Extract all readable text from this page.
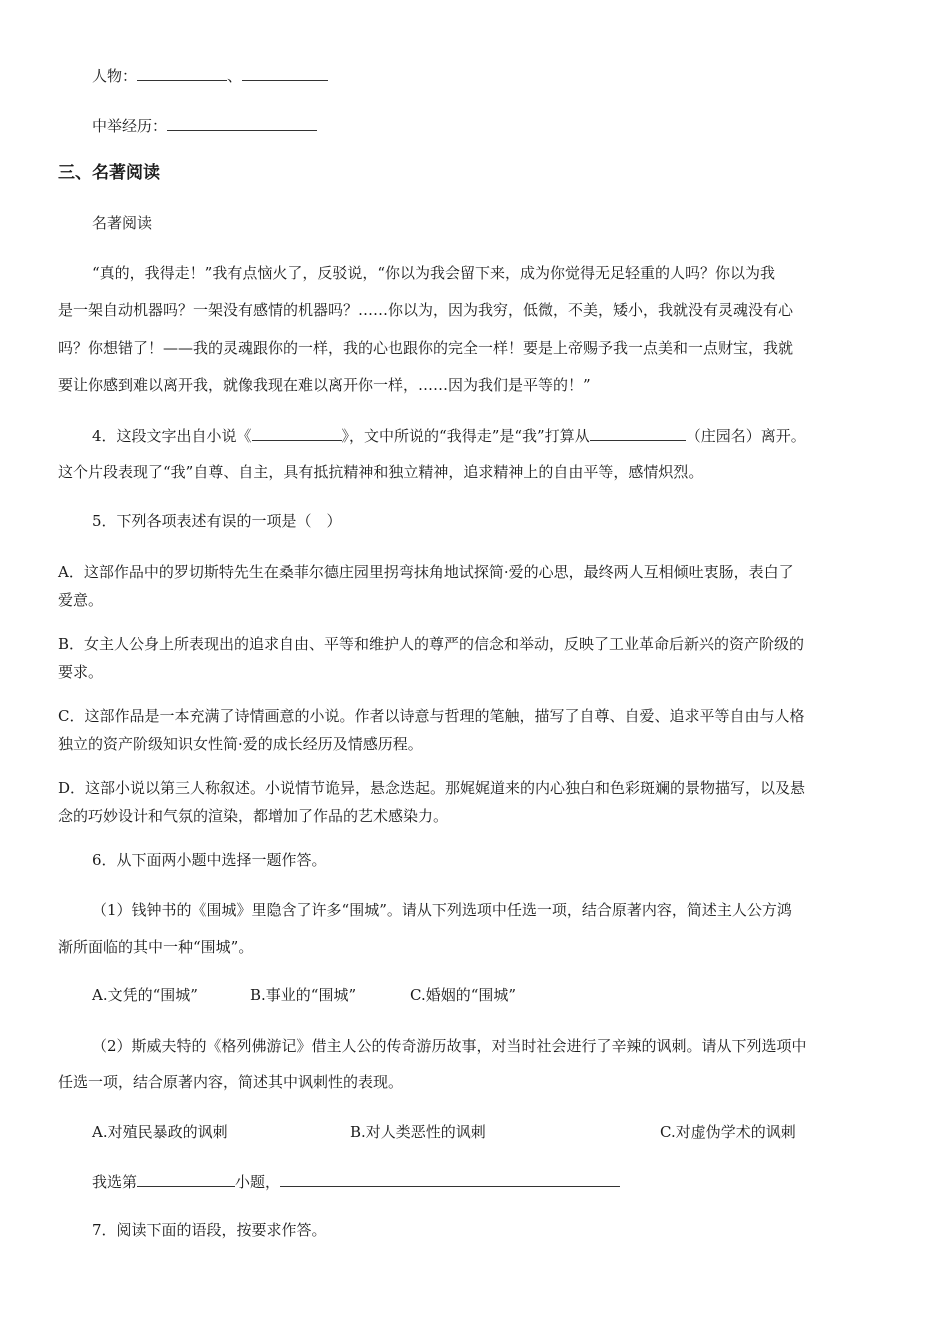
人物：	、
中举经历：
三、名著阅读
名著阅读
“真的，我得走！”我有点恼火了，反驳说，“你以为我会留下来，成为你觉得无足轻重的人吗？你以为我
是一架自动机器吗？一架没有感情的机器吗？……你以为，因为我穷，低微，不美，矮小，我就没有灵魂没有心
吗？你想错了！——我的灵魂跟你的一样，我的心也跟你的完全一样！要是上帝赐予我一点美和一点财宝，我就
要让你感到难以离开我，就像我现在难以离开你一样，……因为我们是平等的！”
4．这段文字出自小说《	》，文中所说的“我得走”是“我”打算从	（庄园名）离开。
这个片段表现了“我”自尊、自主，具有抵抗精神和独立精神，追求精神上的自由平等，感情炽烈。
5．下列各项表述有误的一项是（　）
A．这部作品中的罗切斯特先生在桑菲尔德庄园里拐弯抹角地试探简·爱的心思，最终两人互相倾吐衷肠，表白了
爱意。
B．女主人公身上所表现出的追求自由、平等和维护人的尊严的信念和举动，反映了工业革命后新兴的资产阶级的
要求。
C．这部作品是一本充满了诗情画意的小说。作者以诗意与哲理的笔触，描写了自尊、自爱、追求平等自由与人格
独立的资产阶级知识女性简·爱的成长经历及情感历程。
D．这部小说以第三人称叙述。小说情节诡异，悬念迭起。那娓娓道来的内心独白和色彩斑斓的景物描写，以及悬
念的巧妙设计和气氛的渲染，都增加了作品的艺术感染力。
6．从下面两小题中选择一题作答。
（1）钱钟书的《围城》里隐含了许多“围城”。请从下列选项中任选一项，结合原著内容，简述主人公方鸿
渐所面临的其中一种“围城”。
A.文凭的“围城”	B.事业的“围城”	C.婚姻的“围城”
（2）斯威夫特的《格列佛游记》借主人公的传奇游历故事，对当时社会进行了辛辣的讽刺。请从下列选项中
任选一项，结合原著内容，简述其中讽刺性的表现。
A.对殖民暴政的讽刺	B.对人类恶性的讽刺	C.对虚伪学术的讽刺
我选第	小题，
7．阅读下面的语段，按要求作答。
